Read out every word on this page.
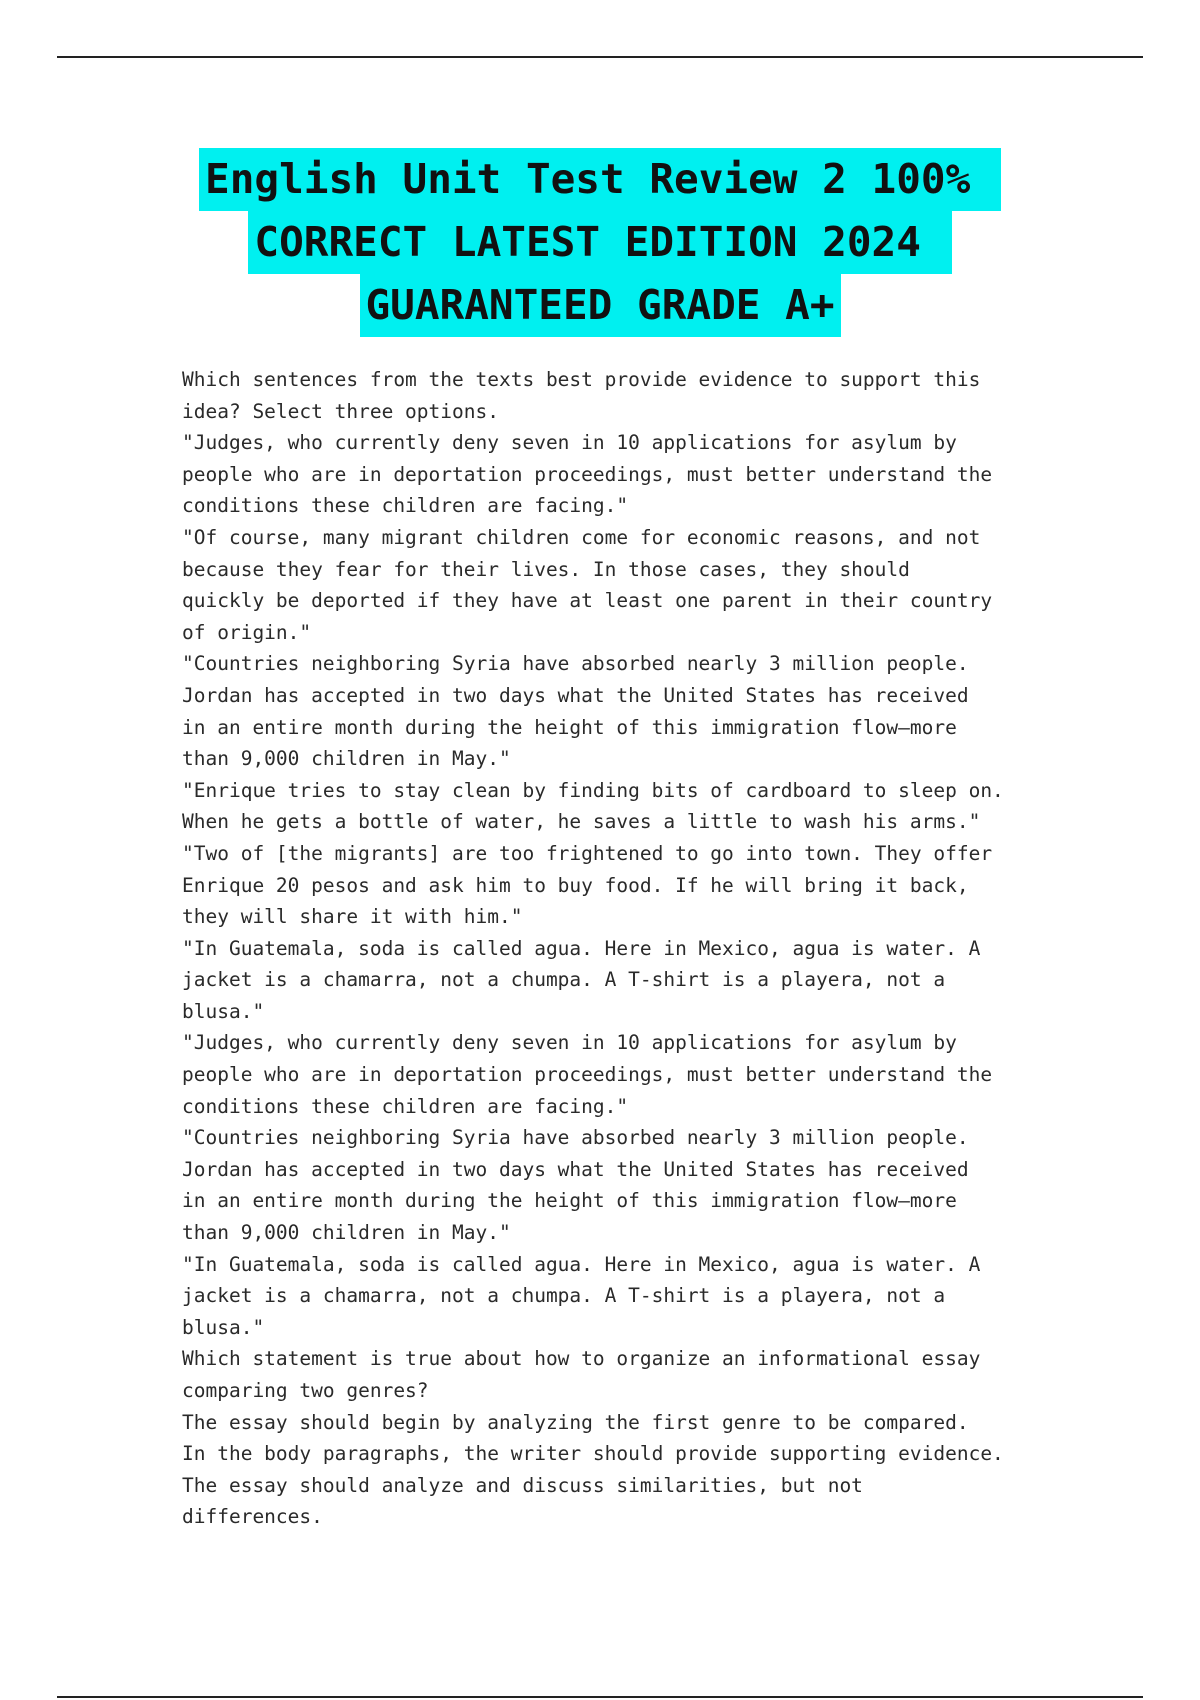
English Unit Test Review 2 100%
CORRECT LATEST EDITION 2024
GUARANTEED GRADE A+
Which sentences from the texts best provide evidence to support this
idea? Select three options.
"Judges, who currently deny seven in 10 applications for asylum by
people who are in deportation proceedings, must better understand the
conditions these children are facing."
"Of course, many migrant children come for economic reasons, and not
because they fear for their lives. In those cases, they should
quickly be deported if they have at least one parent in their country
of origin."
"Countries neighboring Syria have absorbed nearly 3 million people.
Jordan has accepted in two days what the United States has received
in an entire month during the height of this immigration flow—more
than 9,000 children in May."
"Enrique tries to stay clean by finding bits of cardboard to sleep on.
When he gets a bottle of water, he saves a little to wash his arms."
"Two of [the migrants] are too frightened to go into town. They offer
Enrique 20 pesos and ask him to buy food. If he will bring it back,
they will share it with him."
"In Guatemala, soda is called agua. Here in Mexico, agua is water. A
jacket is a chamarra, not a chumpa. A T-shirt is a playera, not a
blusa."
"Judges, who currently deny seven in 10 applications for asylum by
people who are in deportation proceedings, must better understand the
conditions these children are facing."
"Countries neighboring Syria have absorbed nearly 3 million people.
Jordan has accepted in two days what the United States has received
in an entire month during the height of this immigration flow—more
than 9,000 children in May."
"In Guatemala, soda is called agua. Here in Mexico, agua is water. A
jacket is a chamarra, not a chumpa. A T-shirt is a playera, not a
blusa."
Which statement is true about how to organize an informational essay
comparing two genres?
The essay should begin by analyzing the first genre to be compared.
In the body paragraphs, the writer should provide supporting evidence.
The essay should analyze and discuss similarities, but not
differences.
